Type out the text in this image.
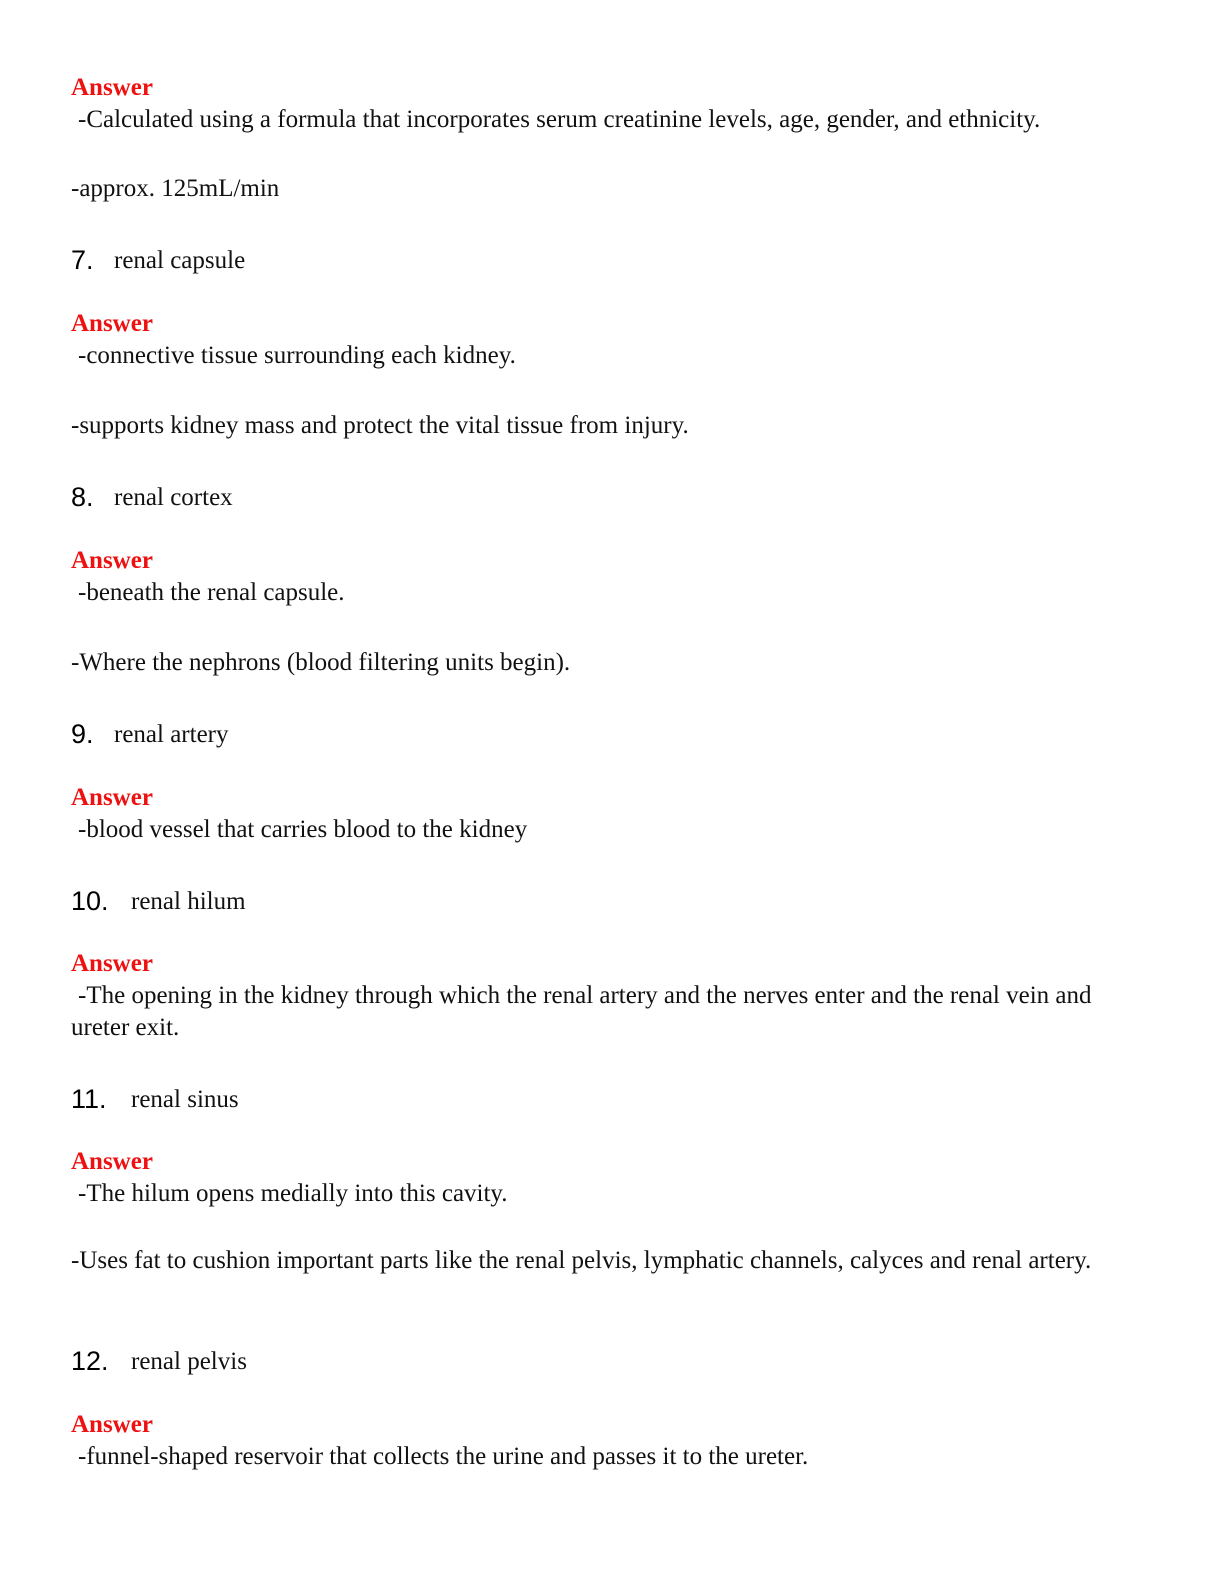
Answer
-Calculated using a formula that incorporates serum creatinine levels, age, gender, and ethnicity.
-approx. 125mL/min
7. renal capsule
Answer
-connective tissue surrounding each kidney.
-supports kidney mass and protect the vital tissue from injury.
8. renal cortex
Answer
-beneath the renal capsule.
-Where the nephrons (blood filtering units begin).
9. renal artery
Answer
-blood vessel that carries blood to the kidney
10. renal hilum
Answer
-The opening in the kidney through which the renal artery and the nerves enter and the renal vein and ureter exit.
11. renal sinus
Answer
-The hilum opens medially into this cavity.
-Uses fat to cushion important parts like the renal pelvis, lymphatic channels, calyces and renal artery.
12. renal pelvis
Answer
-funnel-shaped reservoir that collects the urine and passes it to the ureter.
